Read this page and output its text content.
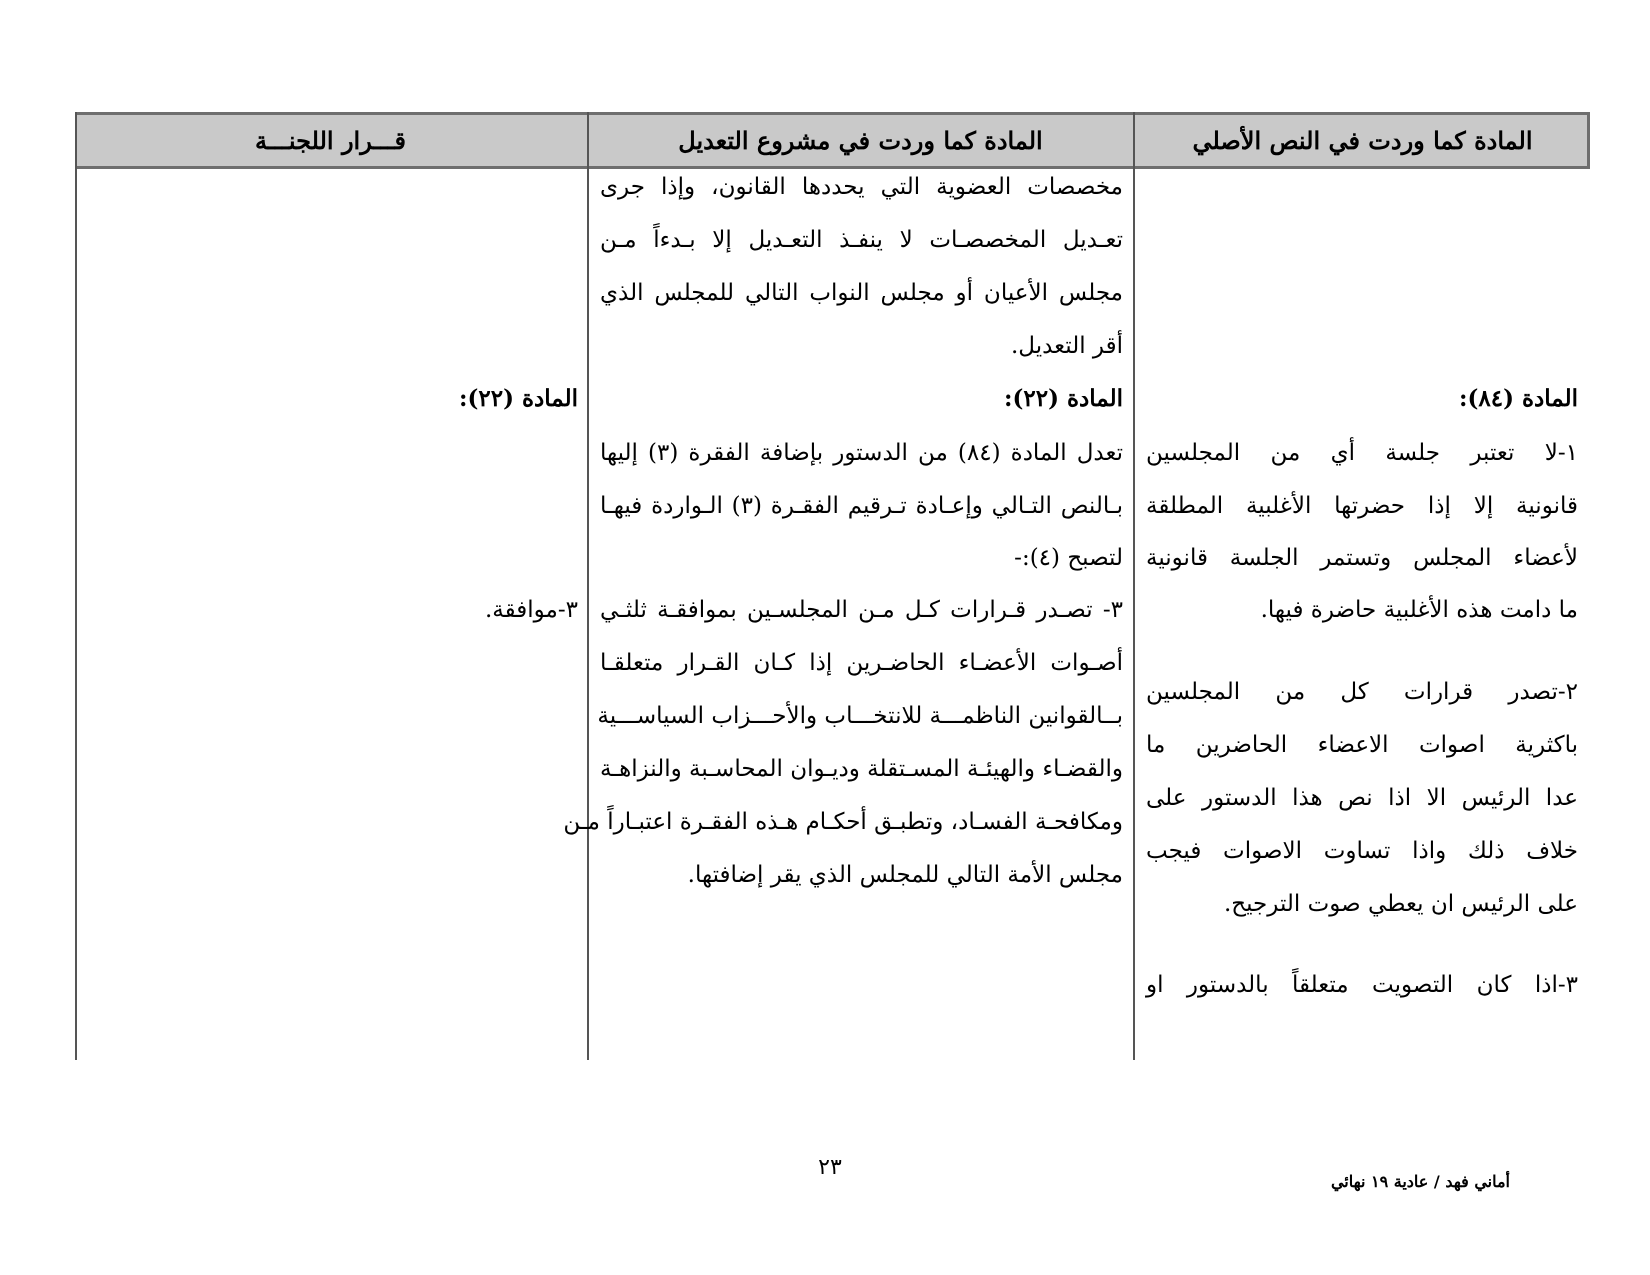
المادة كما وردت في النص الأصلي
المادة كما وردت في مشروع التعديل
قـــرار اللجنـــة
المادة (٨٤):
١-لا تعتبر جلسة أي من المجلسين
قانونية إلا إذا حضرتها الأغلبية المطلقة
لأعضاء المجلس وتستمر الجلسة قانونية
ما دامت هذه الأغلبية حاضرة فيها.
٢-تصدر قرارات كل من المجلسين
باكثرية اصوات الاعضاء الحاضرين ما
عدا الرئيس الا اذا نص هذا الدستور على
خلاف ذلك واذا تساوت الاصوات فيجب
على الرئيس ان يعطي صوت الترجيح.
٣-اذا كان التصويت متعلقاً بالدستور او
مخصصات العضوية التي يحددها القانون، وإذا جرى
تعـديل المخصصـات لا ينفـذ التعـديل إلا بـدءاً مـن
مجلس الأعيان أو مجلس النواب التالي للمجلس الذي
أقر التعديل.
المادة (٢٢):
تعدل المادة (٨٤) من الدستور بإضافة الفقرة (٣) إليها
بـالنص التـالي وإعـادة تـرقيم الفقـرة (٣) الـواردة فيهـا
لتصبح (٤):-
٣- تصـدر قـرارات كـل مـن المجلسـين بموافقـة ثلثـي
أصـوات الأعضـاء الحاضـرين إذا كـان القـرار متعلقـا
بــالقوانين الناظمـــة للانتخـــاب والأحـــزاب السياســـية
والقضـاء والهيئـة المسـتقلة وديـوان المحاسـبة والنزاهـة
ومكافحـة الفسـاد، وتطبـق أحكـام هـذه الفقـرة اعتبـاراً مـن
مجلس الأمة التالي للمجلس الذي يقر إضافتها.
المادة (٢٢):
٣-موافقة.
٢٣
أماني فهد / عادية ١٩ نهائي
